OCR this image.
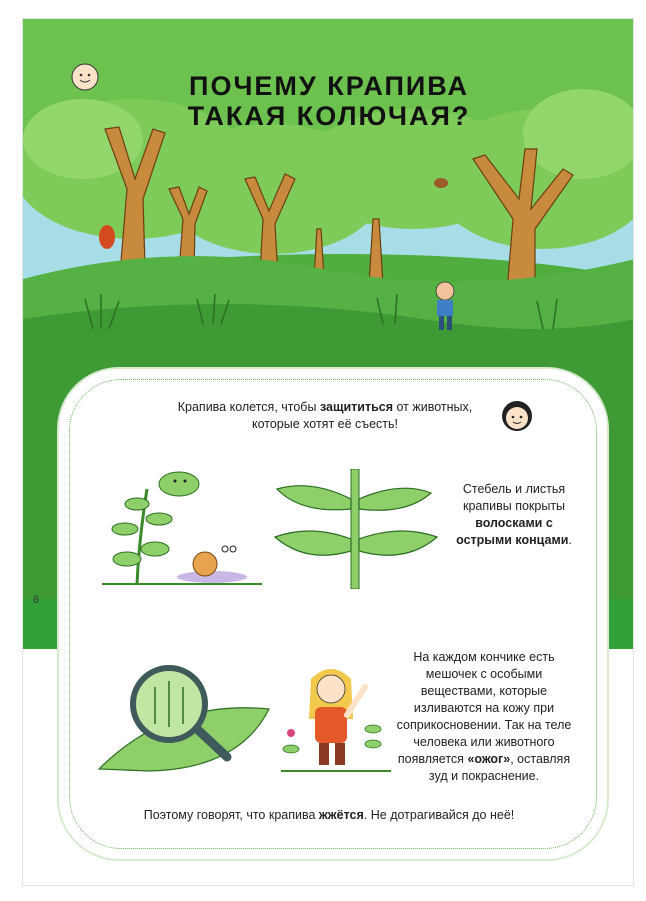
ПОЧЕМУ КРАПИВА
ТАКАЯ КОЛЮЧАЯ?
6
Крапива колется, чтобы защититься от животных, которые хотят её съесть!
Стебель и листья крапивы покрыты волосками с острыми концами.
На каждом кончике есть мешочек с особыми веществами, которые изливаются на кожу при соприкосновении. Так на теле человека или животного появляется «ожог», оставляя зуд и покраснение.
Поэтому говорят, что крапива жжётся. Не дотрагивайся до неё!
